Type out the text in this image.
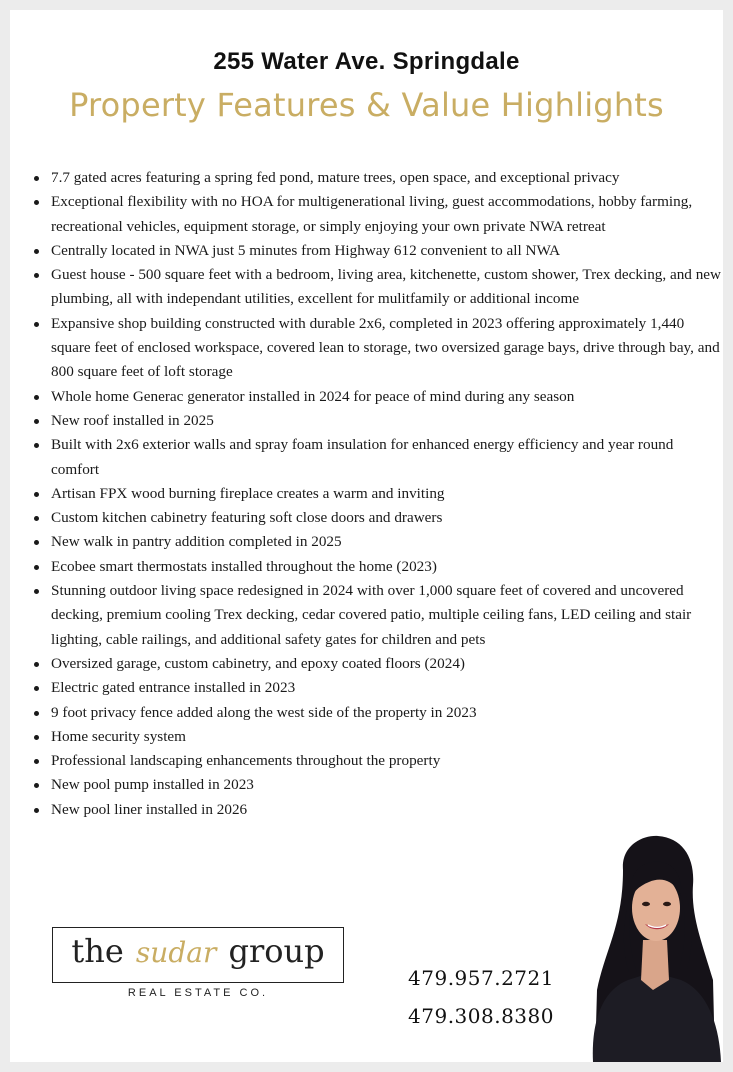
255 Water Ave. Springdale
Property Features & Value Highlights
7.7 gated acres featuring a spring fed pond, mature trees, open space, and exceptional privacy
Exceptional flexibility with no HOA for multigenerational living, guest accommodations, hobby farming, recreational vehicles, equipment storage, or simply enjoying your own private NWA retreat
Centrally located in NWA just 5 minutes from Highway 612 convenient to all NWA
Guest house - 500 square feet with a bedroom, living area, kitchenette, custom shower, Trex decking, and new plumbing, all with independant utilities, excellent for mulitfamily or additional income
Expansive shop building constructed with durable 2x6, completed in 2023 offering approximately 1,440 square feet of enclosed workspace, covered lean to storage, two oversized garage bays, drive through bay, and 800 square feet of loft storage
Whole home Generac generator installed in 2024 for peace of mind during any season
New roof installed in 2025
Built with 2x6 exterior walls and spray foam insulation for enhanced energy efficiency and year round comfort
Artisan FPX wood burning fireplace creates a warm and inviting
Custom kitchen cabinetry featuring soft close doors and drawers
New walk in pantry addition completed in 2025
Ecobee smart thermostats installed throughout the home (2023)
Stunning outdoor living space redesigned in 2024 with over 1,000 square feet of covered and uncovered decking, premium cooling Trex decking, cedar covered patio, multiple ceiling fans, LED ceiling and stair lighting, cable railings, and additional safety gates for children and pets
Oversized garage, custom cabinetry, and epoxy coated floors (2024)
Electric gated entrance installed in 2023
9 foot privacy fence added along the west side of the property in 2023
Home security system
Professional landscaping enhancements throughout the property
New pool pump installed in 2023
New pool liner installed in 2026
the sudar group
REAL ESTATE CO.
479.957.2721
479.308.8380
